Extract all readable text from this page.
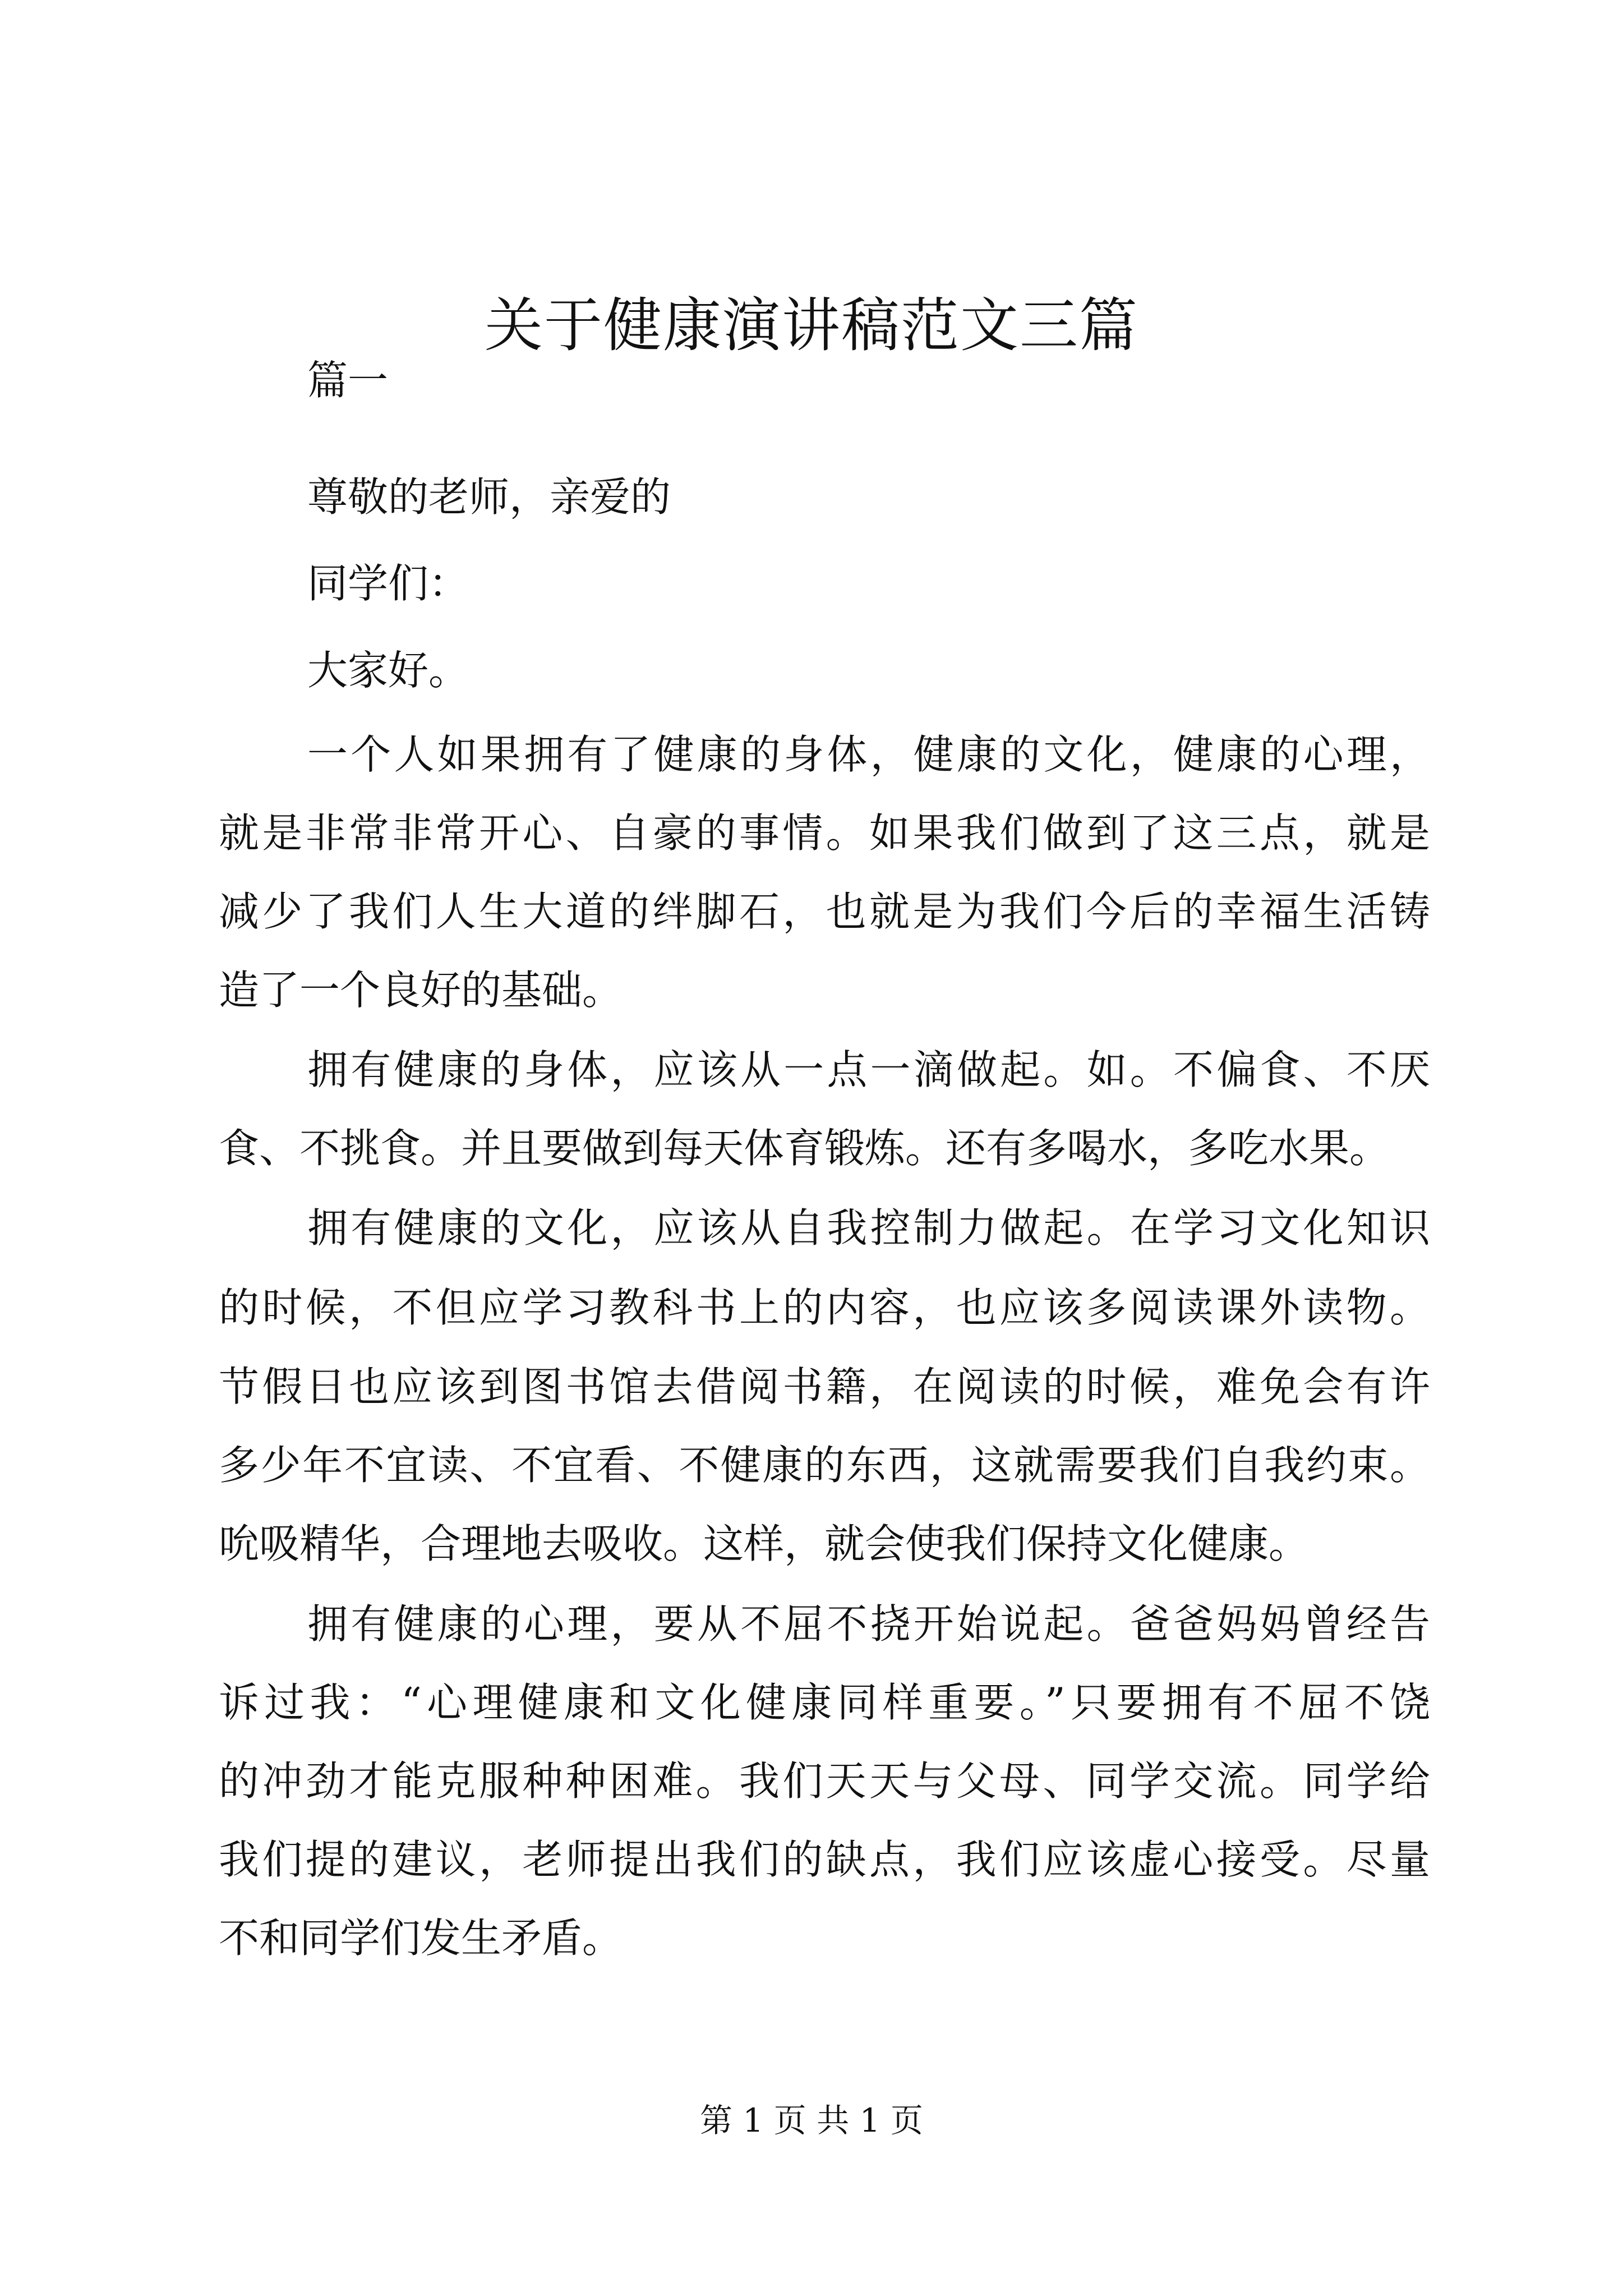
关于健康演讲稿范文三篇
篇一
尊敬的老师，亲爱的
同学们：
大家好。
一个人如果拥有了健康的身体，健康的文化，健康的心理，
就是非常非常开心、自豪的事情。如果我们做到了这三点，就是
减少了我们人生大道的绊脚石，也就是为我们今后的幸福生活铸
造了一个良好的基础。
拥有健康的身体，应该从一点一滴做起。如。不偏食、不厌
食、不挑食。并且要做到每天体育锻炼。还有多喝水，多吃水果。
拥有健康的文化，应该从自我控制力做起。在学习文化知识
的时候，不但应学习教科书上的内容，也应该多阅读课外读物。
节假日也应该到图书馆去借阅书籍，在阅读的时候，难免会有许
多少年不宜读、不宜看、不健康的东西，这就需要我们自我约束。
吮吸精华，合理地去吸收。这样，就会使我们保持文化健康。
拥有健康的心理，要从不屈不挠开始说起。爸爸妈妈曾经告
诉过我：“心理健康和文化健康同样重要。”只要拥有不屈不饶
的冲劲才能克服种种困难。我们天天与父母、同学交流。同学给
我们提的建议，老师提出我们的缺点，我们应该虚心接受。尽量
不和同学们发生矛盾。
第 1 页 共 1 页
